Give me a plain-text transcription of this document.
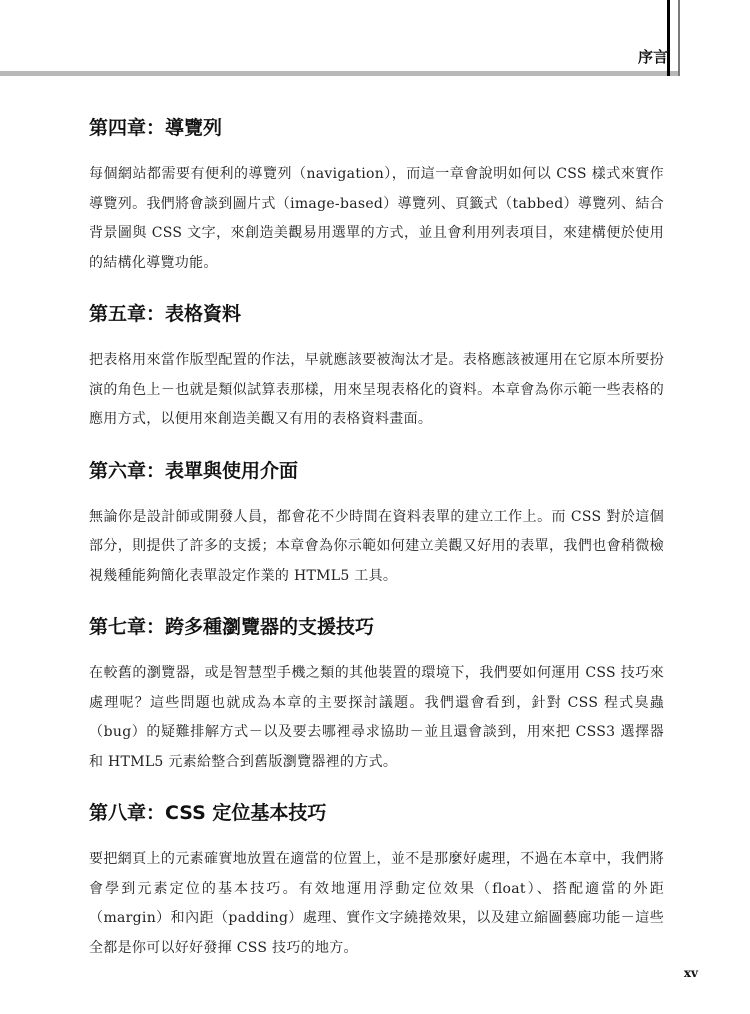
序言
第四章：導覽列

每個網站都需要有便利的導覽列（navigation），而這一章會說明如何以 CSS 樣式來實作導覽列。我們將會談到圖片式（image-based）導覽列、頁籤式（tabbed）導覽列、結合背景圖與 CSS 文字，來創造美觀易用選單的方式，並且會利用列表項目，來建構便於使用的結構化導覽功能。

第五章：表格資料

把表格用來當作版型配置的作法，早就應該要被淘汰才是。表格應該被運用在它原本所要扮演的角色上－也就是類似試算表那樣，用來呈現表格化的資料。本章會為你示範一些表格的應用方式，以便用來創造美觀又有用的表格資料畫面。

第六章：表單與使用介面

無論你是設計師或開發人員，都會花不少時間在資料表單的建立工作上。而 CSS 對於這個部分，則提供了許多的支援；本章會為你示範如何建立美觀又好用的表單，我們也會稍微檢視幾種能夠簡化表單設定作業的 HTML5 工具。

第七章：跨多種瀏覽器的支援技巧

在較舊的瀏覽器，或是智慧型手機之類的其他裝置的環境下，我們要如何運用 CSS 技巧來處理呢？這些問題也就成為本章的主要探討議題。我們還會看到，針對 CSS 程式臭蟲（bug）的疑難排解方式－以及要去哪裡尋求協助－並且還會談到，用來把 CSS3 選擇器和 HTML5 元素給整合到舊版瀏覽器裡的方式。

第八章：CSS 定位基本技巧

要把網頁上的元素確實地放置在適當的位置上，並不是那麼好處理，不過在本章中，我們將會學到元素定位的基本技巧。有效地運用浮動定位效果（float）、搭配適當的外距（margin）和內距（padding）處理、實作文字繞捲效果，以及建立縮圖藝廊功能－這些全都是你可以好好發揮 CSS 技巧的地方。

xv
